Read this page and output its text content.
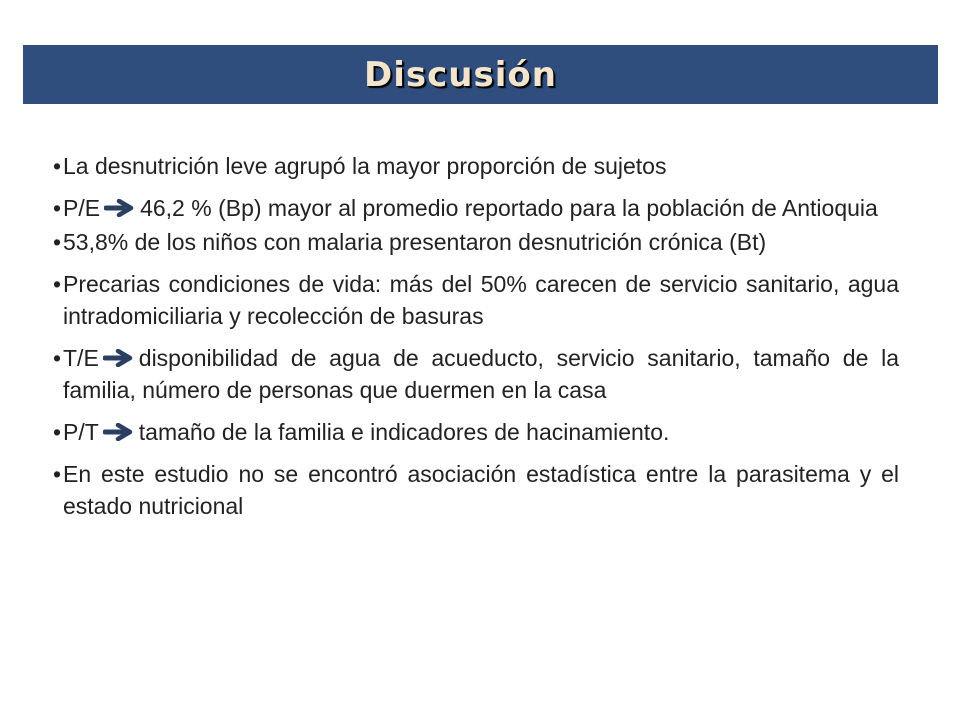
Discusión
• La desnutrición leve agrupó la mayor proporción de sujetos
• P/E 46,2 % (Bp) mayor al promedio reportado para la población de Antioquia
• 53,8% de los niños con malaria presentaron desnutrición crónica (Bt)
• Precarias condiciones de vida: más del 50% carecen de servicio sanitario, agua intradomiciliaria y recolección de basuras
• T/E disponibilidad de agua de acueducto, servicio sanitario, tamaño de la familia, número de personas que duermen en la casa
• P/T tamaño de la familia e indicadores de hacinamiento.
• En este estudio no se encontró asociación estadística entre la parasitema y el estado nutricional
